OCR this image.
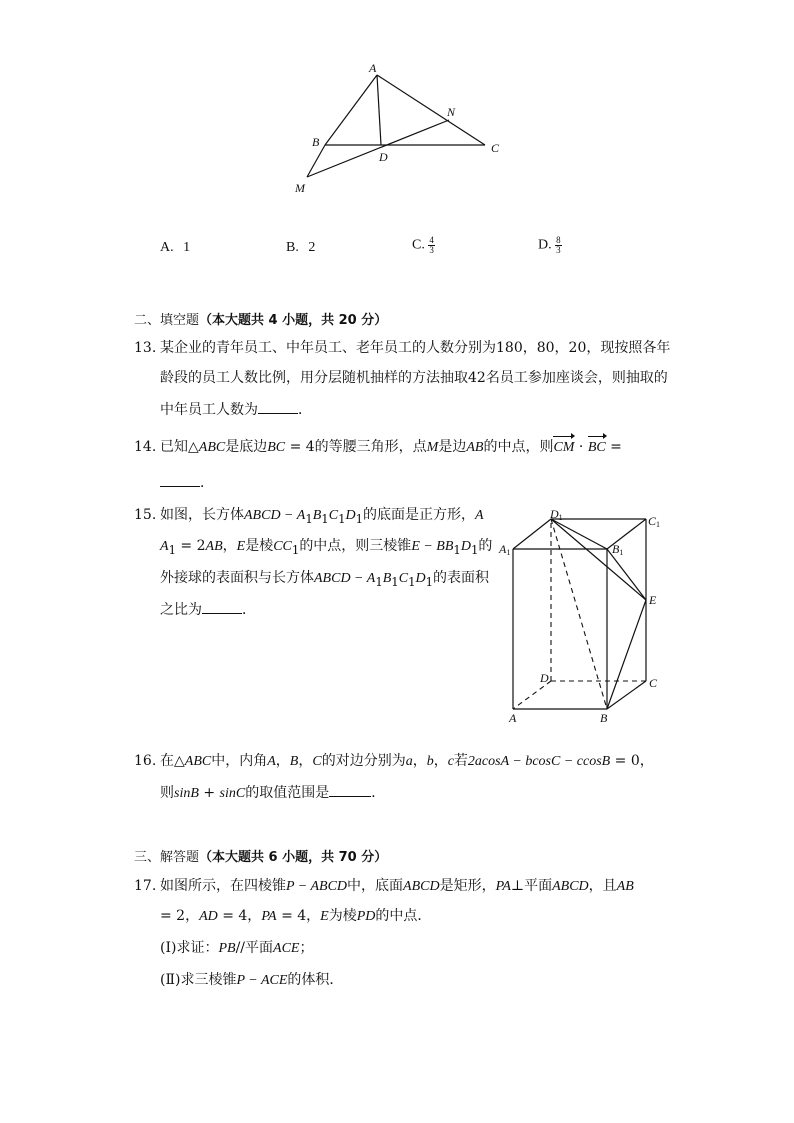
A
B	C
D
M
N
A. 1	B. 2	C. $\frac{4}{3}$	D. $\frac{8}{3}$
二、填空题（本大题共 4 小题，共 20 分）
13. 某企业的青年员工、中年员工、老年员工的人数分别为180，80，20，现按照各年
龄段的员工人数比例，用分层随机抽样的方法抽取42名员工参加座谈会，则抽取的
中年员工人数为	．
14. 已知△ABC是底边BC = 4的等腰三角形，点M是边AB的中点，则CM · BC =
．
15. 如图，长方体ABCD − $A_1B_1C_1D_1$的底面是正方形，A
$A_1 = 2AB$，E是棱$CC_1$的中点，则三棱锥$E - BB_1D_1$的
外接球的表面积与长方体ABCD − $A_1B_1C_1D_1$的表面积
之比为	．
D1	C1
A1	B1
E
D	C
A	B
16. 在△ABC中，内角A，B，C的对边分别为a，b，c若2acosA − bcosC − ccosB = 0，
则sinB + sinC的取值范围是	．
三、解答题（本大题共 6 小题，共 70 分）
17. 如图所示，在四棱锥P − ABCD中，底面ABCD是矩形，PA⊥平面ABCD，且AB
= 2，AD = 4，PA = 4，E为棱PD的中点．
(Ⅰ)求证：PB//平面ACE；
(Ⅱ)求三棱锥P − ACE的体积．
